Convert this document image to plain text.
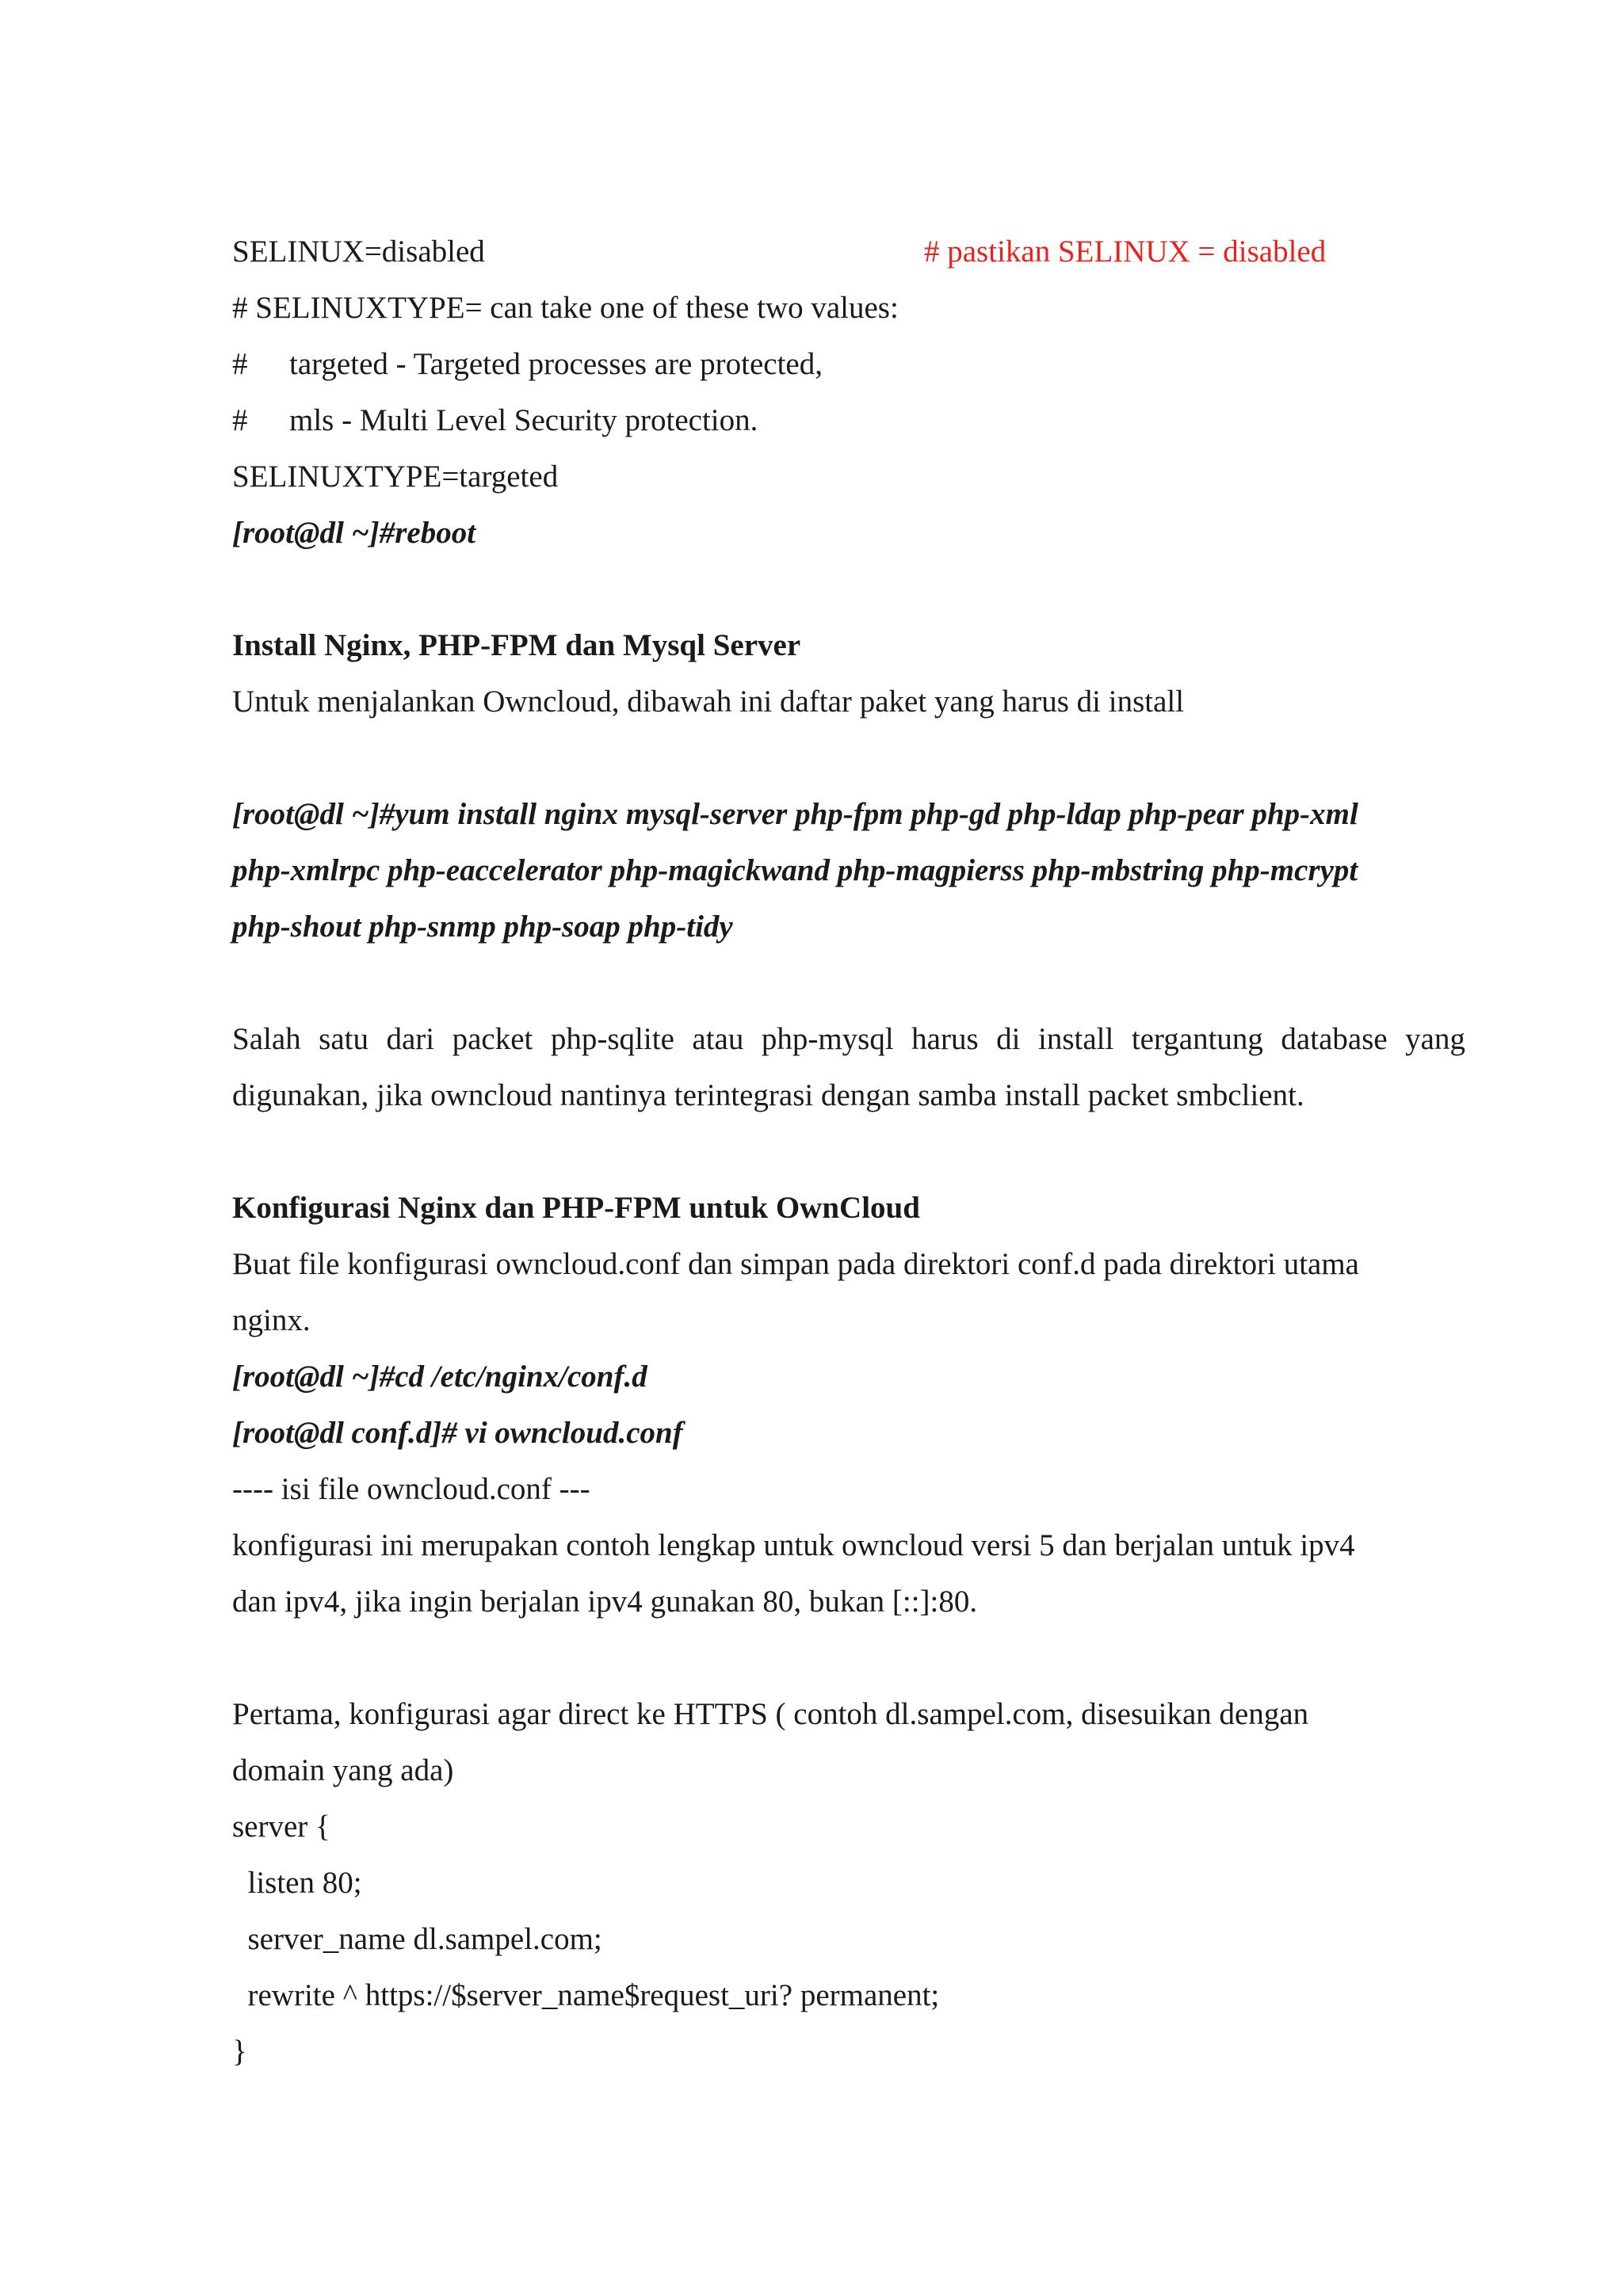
SELINUX=disabled	# pastikan SELINUX = disabled

# SELINUXTYPE= can take one of these two values:

# targeted - Targeted processes are protected,

# mls - Multi Level Security protection.

SELINUXTYPE=targeted

[root@dl ~]#reboot

Install Nginx, PHP-FPM dan Mysql Server

Untuk menjalankan Owncloud, dibawah ini daftar paket yang harus di install

[root@dl ~]#yum install nginx mysql-server php-fpm php-gd php-ldap php-pear php-xml

php-xmlrpc php-eaccelerator php-magickwand php-magpierss php-mbstring php-mcrypt

php-shout php-snmp php-soap php-tidy

Salah satu dari packet php-sqlite atau php-mysql harus di install tergantung database yang

digunakan, jika owncloud nantinya terintegrasi dengan samba install packet smbclient.

Konfigurasi Nginx dan PHP-FPM untuk OwnCloud

Buat file konfigurasi owncloud.conf dan simpan pada direktori conf.d pada direktori utama

nginx.

[root@dl ~]#cd /etc/nginx/conf.d

[root@dl conf.d]# vi owncloud.conf

---- isi file owncloud.conf ---

konfigurasi ini merupakan contoh lengkap untuk owncloud versi 5 dan berjalan untuk ipv4

dan ipv4, jika ingin berjalan ipv4 gunakan 80, bukan [::]:80.

Pertama, konfigurasi agar direct ke HTTPS ( contoh dl.sampel.com, disesuikan dengan

domain yang ada)

server {

listen 80;

server_name dl.sampel.com;

rewrite ^ https://$server_name$request_uri? permanent;

}
